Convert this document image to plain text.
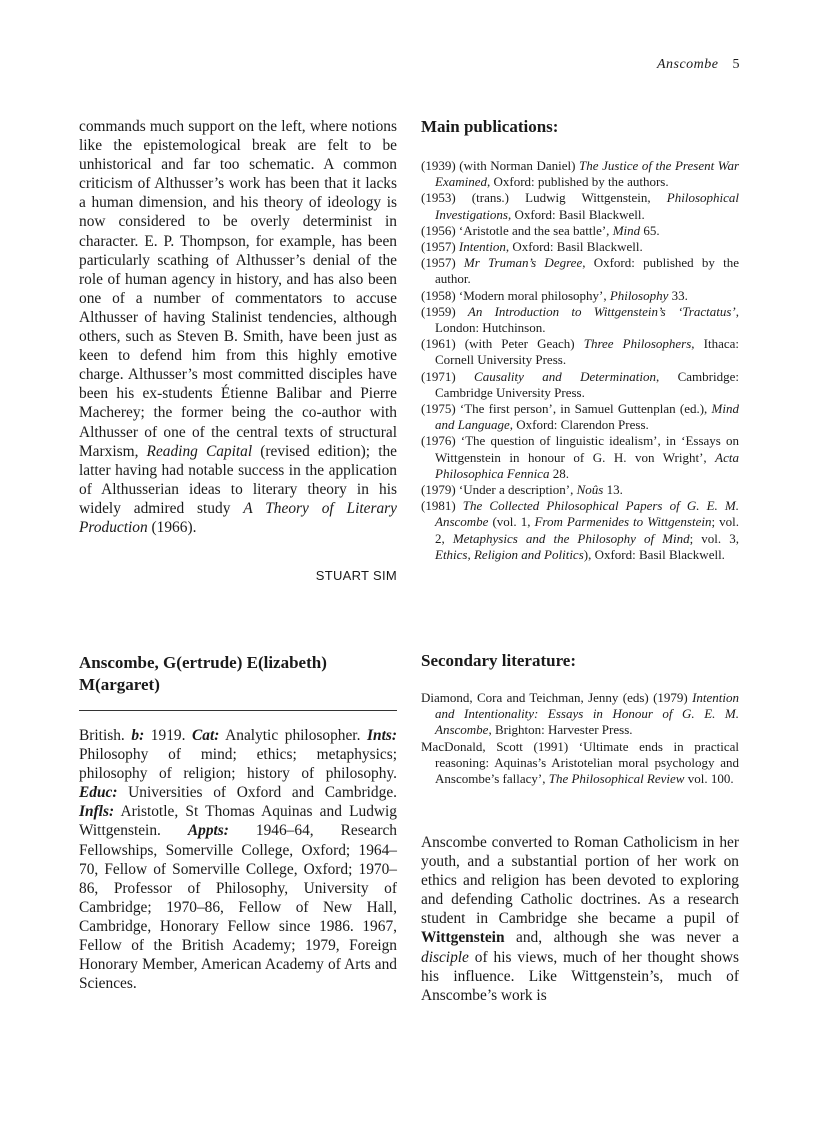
Anscombe 5

commands much support on the left, where notions like the epistemological break are felt to be unhistorical and far too schematic. A common criticism of Althusser’s work has been that it lacks a human dimension, and his theory of ideology is now considered to be overly determinist in character. E. P. Thompson, for example, has been particularly scathing of Althusser’s denial of the role of human agency in history, and has also been one of a number of commentators to accuse Althusser of having Stalinist tendencies, although others, such as Steven B. Smith, have been just as keen to defend him from this highly emotive charge. Althusser’s most committed disciples have been his ex-students Étienne Balibar and Pierre Macherey; the former being the co-author with Althusser of one of the central texts of structural Marxism, Reading Capital (revised edition); the latter having had notable success in the application of Althusserian ideas to literary theory in his widely admired study A Theory of Literary Production (1966).

STUART SIM
Anscombe, G(ertrude) E(lizabeth)
M(argaret)
British. b: 1919. Cat: Analytic philosopher. Ints: Philosophy of mind; ethics; metaphysics; philosophy of religion; history of philosophy. Educ: Universities of Oxford and Cambridge. Infls: Aristotle, St Thomas Aquinas and Ludwig Wittgenstein. Appts: 1946–64, Research Fellowships, Somerville College, Oxford; 1964–70, Fellow of Somerville College, Oxford; 1970–86, Professor of Philosophy, University of Cambridge; 1970–86, Fellow of New Hall, Cambridge, Honorary Fellow since 1986. 1967, Fellow of the British Academy; 1979, Foreign Honorary Member, American Academy of Arts and Sciences.
Main publications:
(1939) (with Norman Daniel) The Justice of the Present War Examined, Oxford: published by the authors.
(1953) (trans.) Ludwig Wittgenstein, Philosophical Investigations, Oxford: Basil Blackwell.
(1956) ‘Aristotle and the sea battle’, Mind 65.
(1957) Intention, Oxford: Basil Blackwell.
(1957) Mr Truman’s Degree, Oxford: published by the author.
(1958) ‘Modern moral philosophy’, Philosophy 33.
(1959) An Introduction to Wittgenstein’s ‘Tractatus’, London: Hutchinson.
(1961) (with Peter Geach) Three Philosophers, Ithaca: Cornell University Press.
(1971) Causality and Determination, Cambridge: Cambridge University Press.
(1975) ‘The first person’, in Samuel Guttenplan (ed.), Mind and Language, Oxford: Clarendon Press.
(1976) ‘The question of linguistic idealism’, in ‘Essays on Wittgenstein in honour of G. H. von Wright’, Acta Philosophica Fennica 28.
(1979) ‘Under a description’, Noûs 13.
(1981) The Collected Philosophical Papers of G. E. M. Anscombe (vol. 1, From Parmenides to Wittgenstein; vol. 2, Metaphysics and the Philosophy of Mind; vol. 3, Ethics, Religion and Politics), Oxford: Basil Blackwell.
Secondary literature:
Diamond, Cora and Teichman, Jenny (eds) (1979) Intention and Intentionality: Essays in Honour of G. E. M. Anscombe, Brighton: Harvester Press.
MacDonald, Scott (1991) ‘Ultimate ends in practical reasoning: Aquinas’s Aristotelian moral psychology and Anscombe’s fallacy’, The Philosophical Review vol. 100.

Anscombe converted to Roman Catholicism in her youth, and a substantial portion of her work on ethics and religion has been devoted to exploring and defending Catholic doctrines. As a research student in Cambridge she became a pupil of Wittgenstein and, although she was never a disciple of his views, much of her thought shows his influence. Like Wittgenstein’s, much of Anscombe’s work is
